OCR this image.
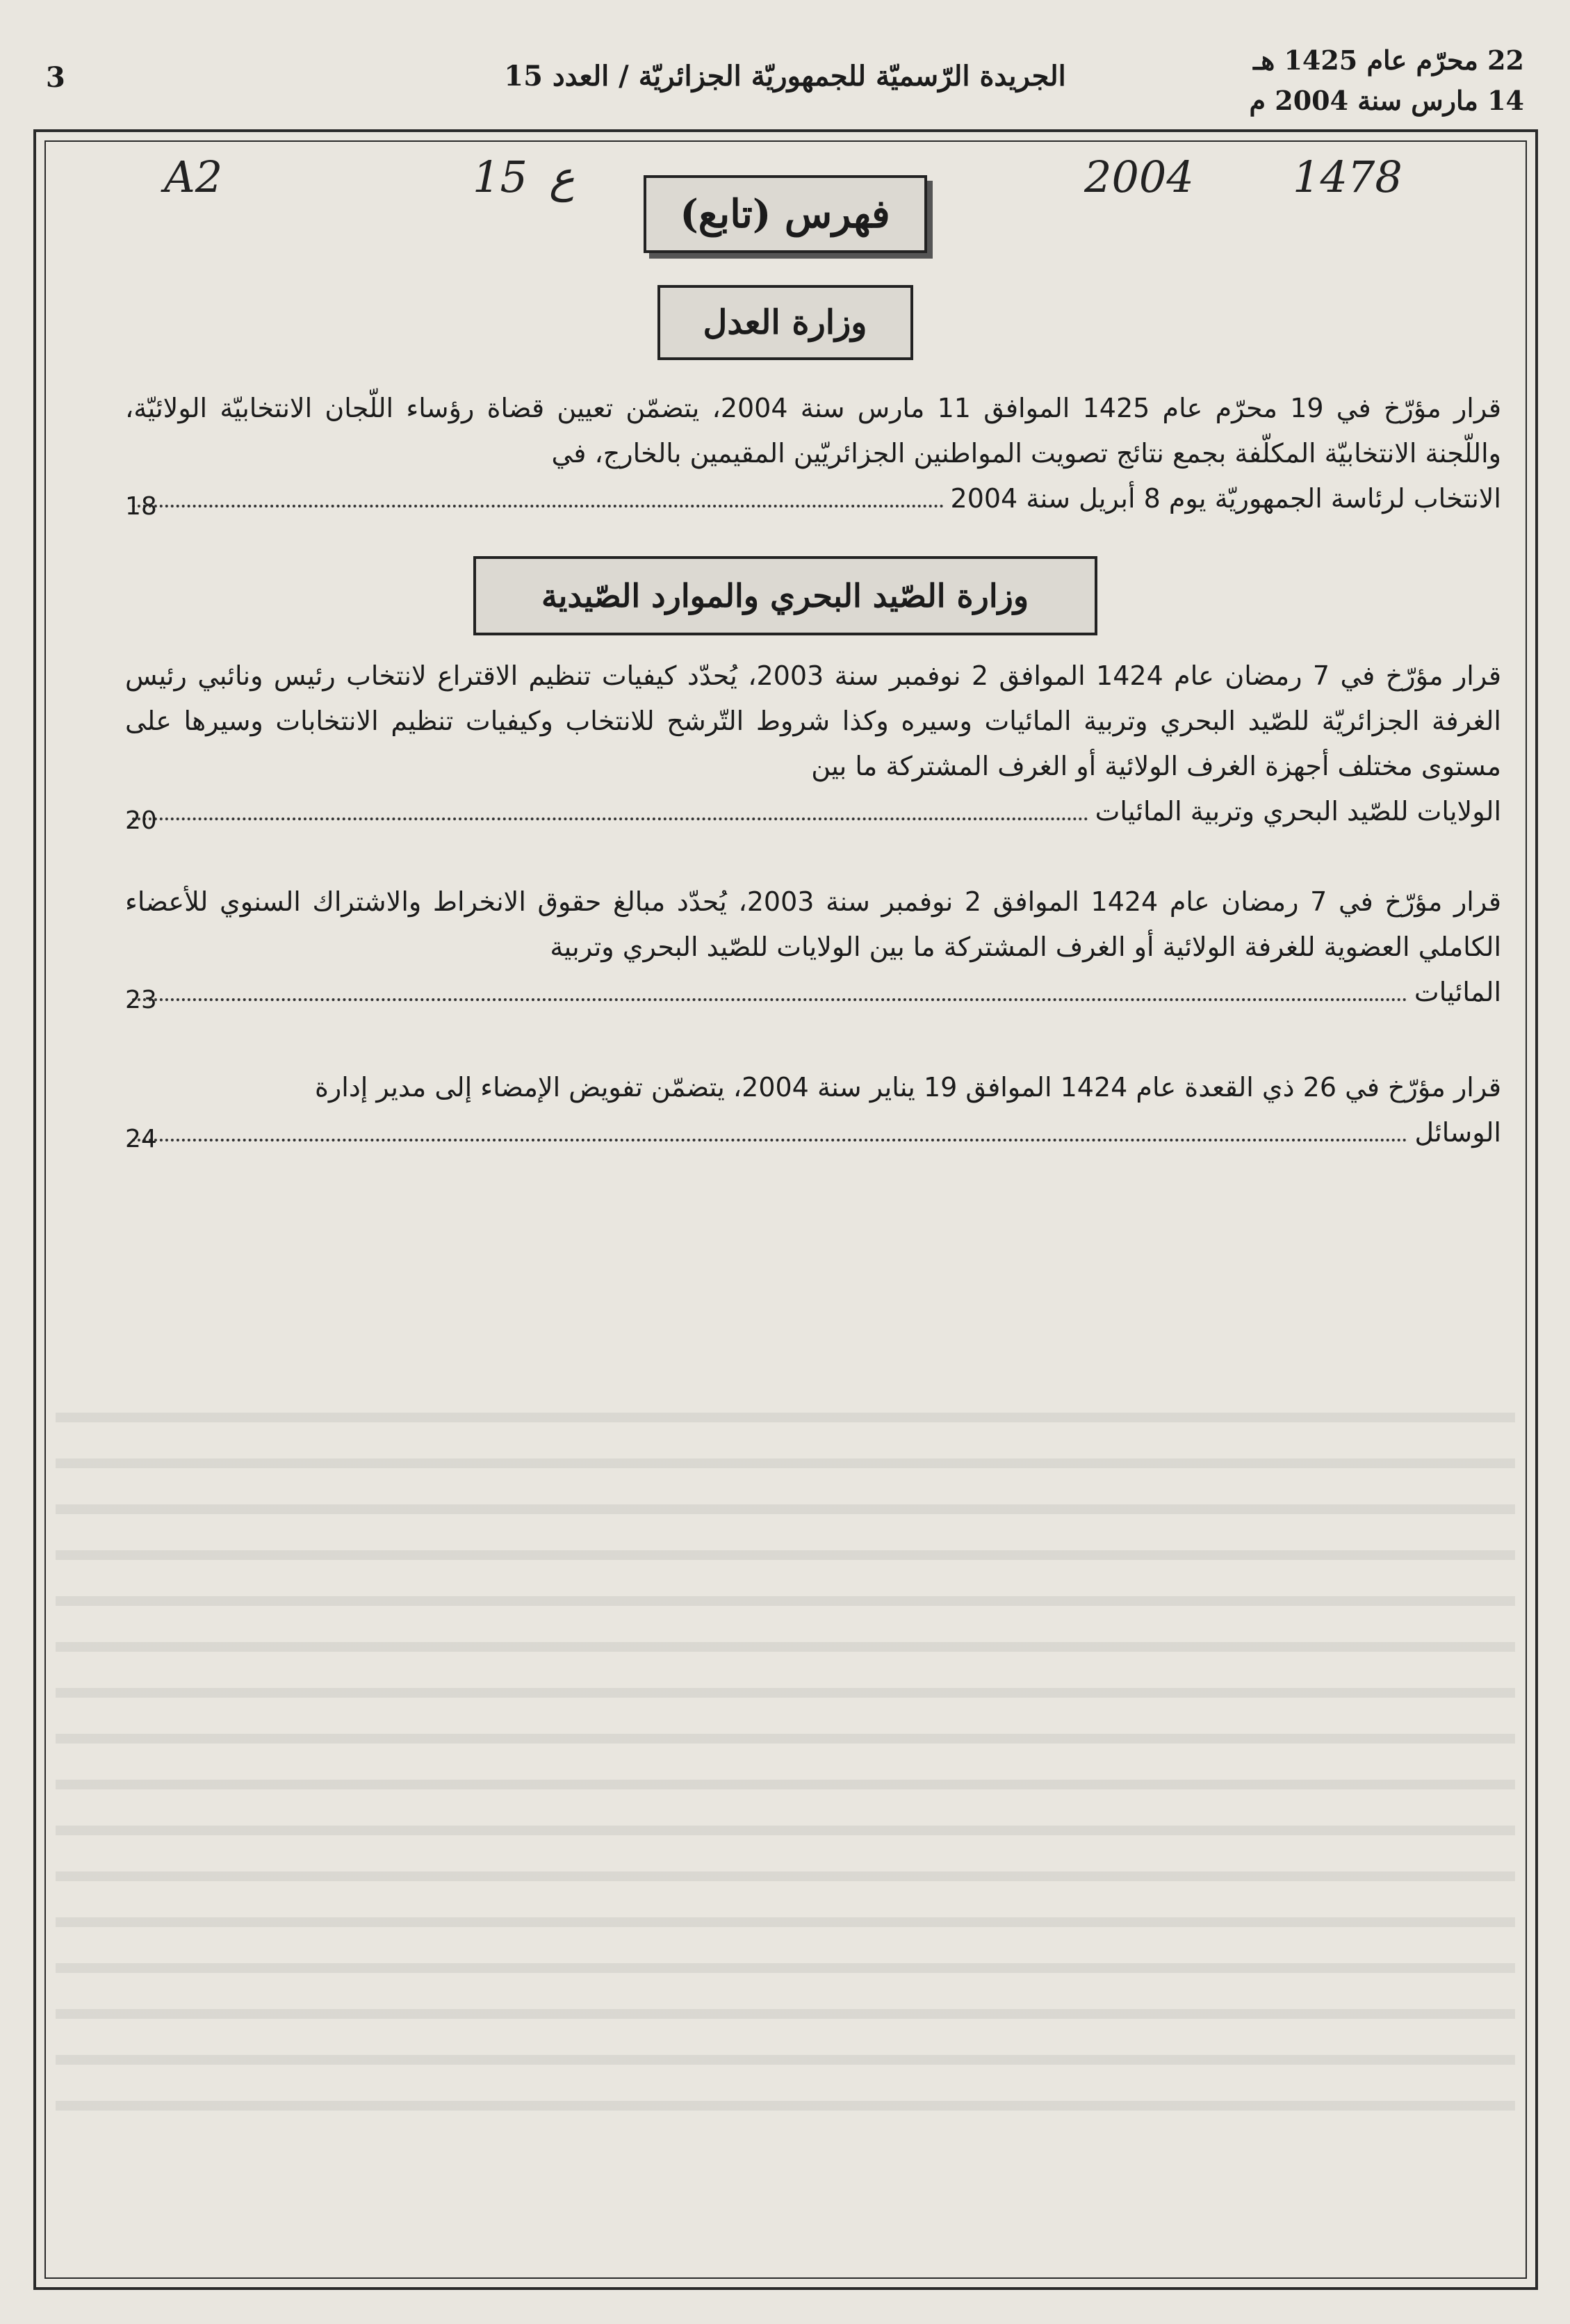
22 محرّم عام 1425 هـ
14 مارس سنة 2004 م
الجريدة الرّسميّة للجمهوريّة الجزائريّة / العدد 15
3
A2	15 ع	2004 1478
فهرس (تابع)
وزارة العدل

قرار مؤرّخ في 19 محرّم عام 1425 الموافق 11 مارس سنة 2004، يتضمّن تعيين قضاة رؤساء اللّجان الانتخابيّة الولائيّة، واللّجنة الانتخابيّة المكلّفة بجمع نتائج تصويت المواطنين الجزائريّين المقيمين بالخارج، في

الانتخاب لرئاسة الجمهوريّة يوم 8 أبريل سنة 2004
18
وزارة الصّيد البحري والموارد الصّيدية

قرار مؤرّخ في 7 رمضان عام 1424 الموافق 2 نوفمبر سنة 2003، يُحدّد كيفيات تنظيم الاقتراع لانتخاب رئيس ونائبي رئيس الغرفة الجزائريّة للصّيد البحري وتربية المائيات وسيره وكذا شروط التّرشح للانتخاب وكيفيات تنظيم الانتخابات وسيرها على مستوى مختلف أجهزة الغرف الولائية أو الغرف المشتركة ما بين

الولايات للصّيد البحري وتربية المائيات
20

قرار مؤرّخ في 7 رمضان عام 1424 الموافق 2 نوفمبر سنة 2003، يُحدّد مبالغ حقوق الانخراط والاشتراك السنوي للأعضاء الكاملي العضوية للغرفة الولائية أو الغرف المشتركة ما بين الولايات للصّيد البحري وتربية

المائيات
23

قرار مؤرّخ في 26 ذي القعدة عام 1424 الموافق 19 يناير سنة 2004، يتضمّن تفويض الإمضاء إلى مدير إدارة

الوسائل
24
